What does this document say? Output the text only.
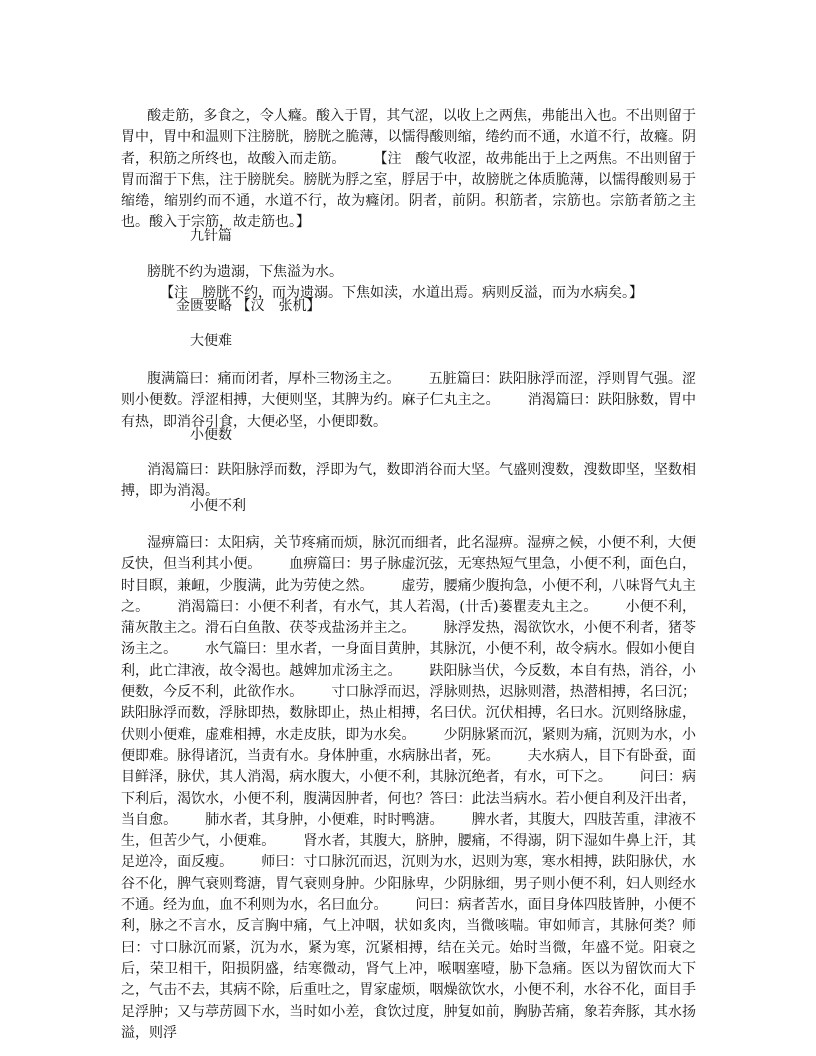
酸走筋，多食之，令人癃。酸入于胃，其气涩，以收上之两焦，弗能出入也。不出则留于胃中，胃中和温则下注膀胱，膀胱之脆薄，以懦得酸则缩，绻约而不通，水道不行，故癃。阴者，积筋之所终也，故酸入而走筋。 【注　酸气收涩，故弗能出于上之两焦。不出则留于胃而溜于下焦，注于膀胱矣。膀胱为脬之室，脬居于中，故膀胱之体质脆薄，以懦得酸则易于缩绻，缩别约而不通，水道不行，故为癃闭。阴者，前阴。积筋者，宗筋也。宗筋者筋之主也。酸入于宗筋，故走筋也。】

九针篇
膀胱不约为遗溺，下焦溢为水。
【注　膀胱不约，而为遗溺。下焦如渎，水道出焉。病则反溢，而为水病矣。】
金匮要略 【汉　张机】
大便难

腹满篇曰：痛而闭者，厚朴三物汤主之。 五脏篇曰：趺阳脉浮而涩，浮则胃气强。涩则小便数。浮涩相搏，大便则坚，其脾为约。麻子仁丸主之。 消渴篇曰：趺阳脉数，胃中有热，即消谷引食，大便必坚，小便即数。

小便数

消渴篇曰：趺阳脉浮而数，浮即为气，数即消谷而大坚。气盛则溲数，溲数即坚，坚数相搏，即为消渴。

小便不利

湿痹篇曰：太阳病，关节疼痛而烦，脉沉而细者，此名湿痹。湿痹之候，小便不利，大便反快，但当利其小便。 血痹篇曰：男子脉虚沉弦，无寒热短气里急，小便不利，面色白，时目瞑，兼衄，少腹满，此为劳使之然。 虚劳，腰痛少腹拘急，小便不利，八味肾气丸主之。 消渴篇曰：小便不利者，有水气，其人若渴，(卄舌)蒌瞿麦丸主之。 小便不利，蒲灰散主之。滑石白鱼散、茯苓戎盐汤并主之。 脉浮发热，渴欲饮水，小便不利者，猪苓汤主之。 水气篇曰：里水者，一身面目黄肿，其脉沉，小便不利，故令病水。假如小便自利，此亡津液，故令渴也。越婢加朮汤主之。 趺阳脉当伏，今反数，本自有热，消谷，小便数，今反不利，此欲作水。 寸口脉浮而迟，浮脉则热，迟脉则潜，热潜相搏，名曰沉；趺阳脉浮而数，浮脉即热，数脉即止，热止相搏，名曰伏。沉伏相搏，名曰水。沉则络脉虚，伏则小便难，虚难相搏，水走皮肤，即为水矣。 少阴脉紧而沉，紧则为痛，沉则为水，小便即难。脉得诸沉，当责有水。身体肿重，水病脉出者，死。 夫水病人，目下有卧蚕，面目鲜泽，脉伏，其人消渴，病水腹大，小便不利，其脉沉绝者，有水，可下之。 问曰：病下利后，渴饮水，小便不利，腹满因肿者，何也？答曰：此法当病水。若小便自利及汗出者，当自愈。 肺水者，其身肿，小便难，时时鸭溏。 脾水者，其腹大，四肢苦重，津液不生，但苦少气，小便难。 肾水者，其腹大，脐肿，腰痛，不得溺，阴下湿如牛鼻上汗，其足逆冷，面反瘦。 师曰：寸口脉沉而迟，沉则为水，迟则为寒，寒水相搏，趺阳脉伏，水谷不化，脾气衰则骛溏，胃气衰则身肿。少阳脉卑，少阴脉细，男子则小便不利，妇人则经水不通。经为血，血不利则为水，名曰血分。 问曰：病者苦水，面目身体四肢皆肿，小便不利，脉之不言水，反言胸中痛，气上冲咽，状如炙肉，当微咳喘。审如师言，其脉何类？师曰：寸口脉沉而紧，沉为水，紧为寒，沉紧相搏，结在关元。始时当微，年盛不觉。阳衰之后，荣卫相干，阳损阴盛，结寒微动，肾气上冲，喉咽塞噎，胁下急痛。医以为留饮而大下之，气击不去，其病不除，后重吐之，胃家虚烦，咽燥欲饮水，小便不利，水谷不化，面目手足浮肿；又与葶苈圆下水，当时如小差，食饮过度，肿复如前，胸胁苦痛，象若奔豚，其水扬溢，则浮
